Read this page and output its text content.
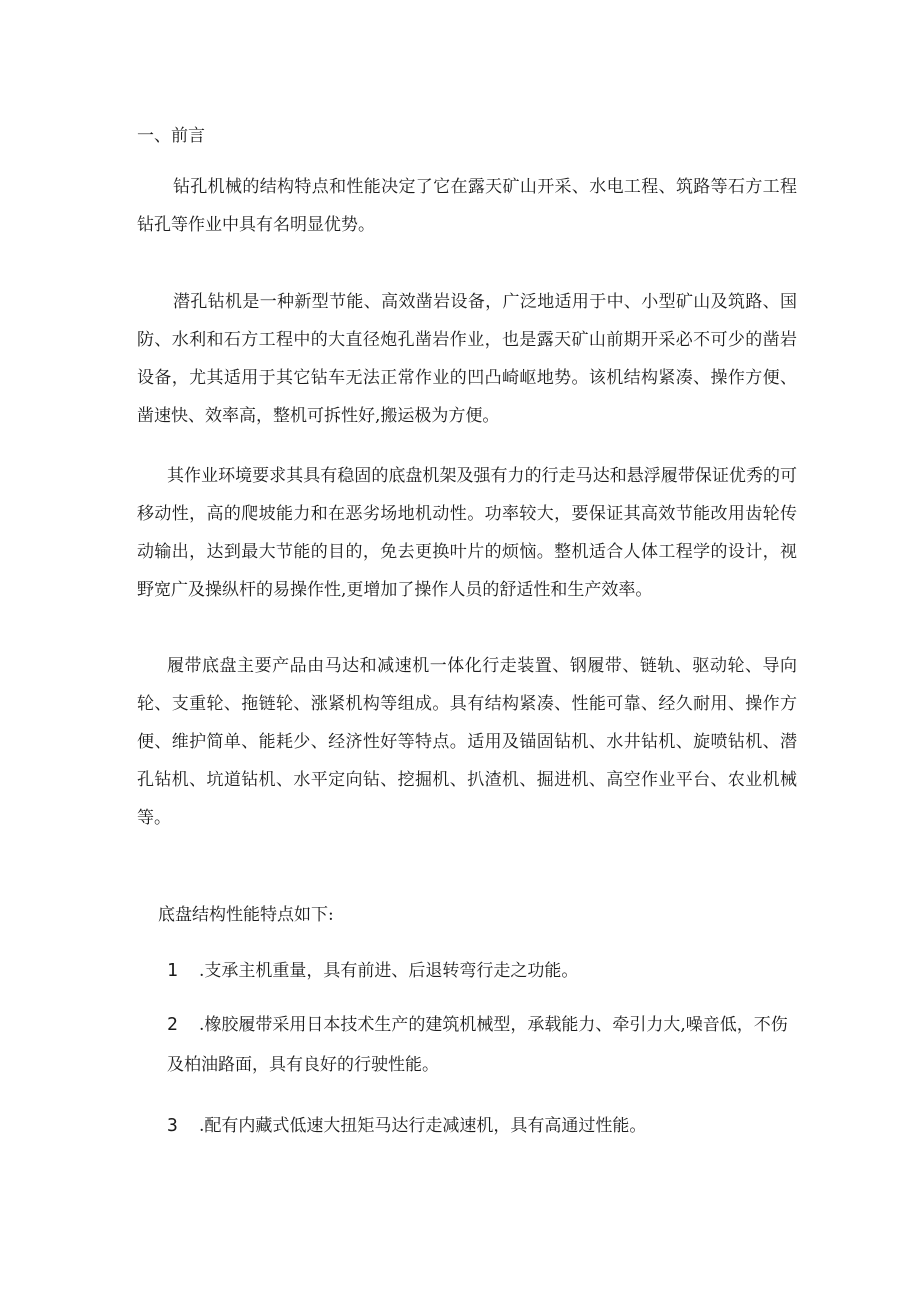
一、前言

钻孔机械的结构特点和性能决定了它在露天矿山开采、水电工程、筑路等石方工程钻孔等作业中具有名明显优势。

潜孔钻机是一种新型节能、高效凿岩设备，广泛地适用于中、小型矿山及筑路、国防、水利和石方工程中的大直径炮孔凿岩作业，也是露天矿山前期开采必不可少的凿岩设备，尤其适用于其它钻车无法正常作业的凹凸崎岖地势。该机结构紧凑、操作方便、凿速快、效率高，整机可拆性好,搬运极为方便。

其作业环境要求其具有稳固的底盘机架及强有力的行走马达和悬浮履带保证优秀的可移动性，高的爬坡能力和在恶劣场地机动性。功率较大，要保证其高效节能改用齿轮传动输出，达到最大节能的目的，免去更换叶片的烦恼。整机适合人体工程学的设计，视野宽广及操纵杆的易操作性,更增加了操作人员的舒适性和生产效率。

履带底盘主要产品由马达和减速机一体化行走装置、钢履带、链轨、驱动轮、导向轮、支重轮、拖链轮、涨紧机构等组成。具有结构紧凑、性能可靠、经久耐用、操作方便、维护简单、能耗少、经济性好等特点。适用及锚固钻机、水井钻机、旋喷钻机、潜孔钻机、坑道钻机、水平定向钻、挖掘机、扒渣机、掘进机、高空作业平台、农业机械等。

底盘结构性能特点如下:

1 .支承主机重量，具有前进、后退转弯行走之功能。

2 .橡胶履带采用日本技术生产的建筑机械型，承载能力、牵引力大,噪音低，不伤
及柏油路面，具有良好的行驶性能。

3 .配有内藏式低速大扭矩马达行走减速机，具有高通过性能。
